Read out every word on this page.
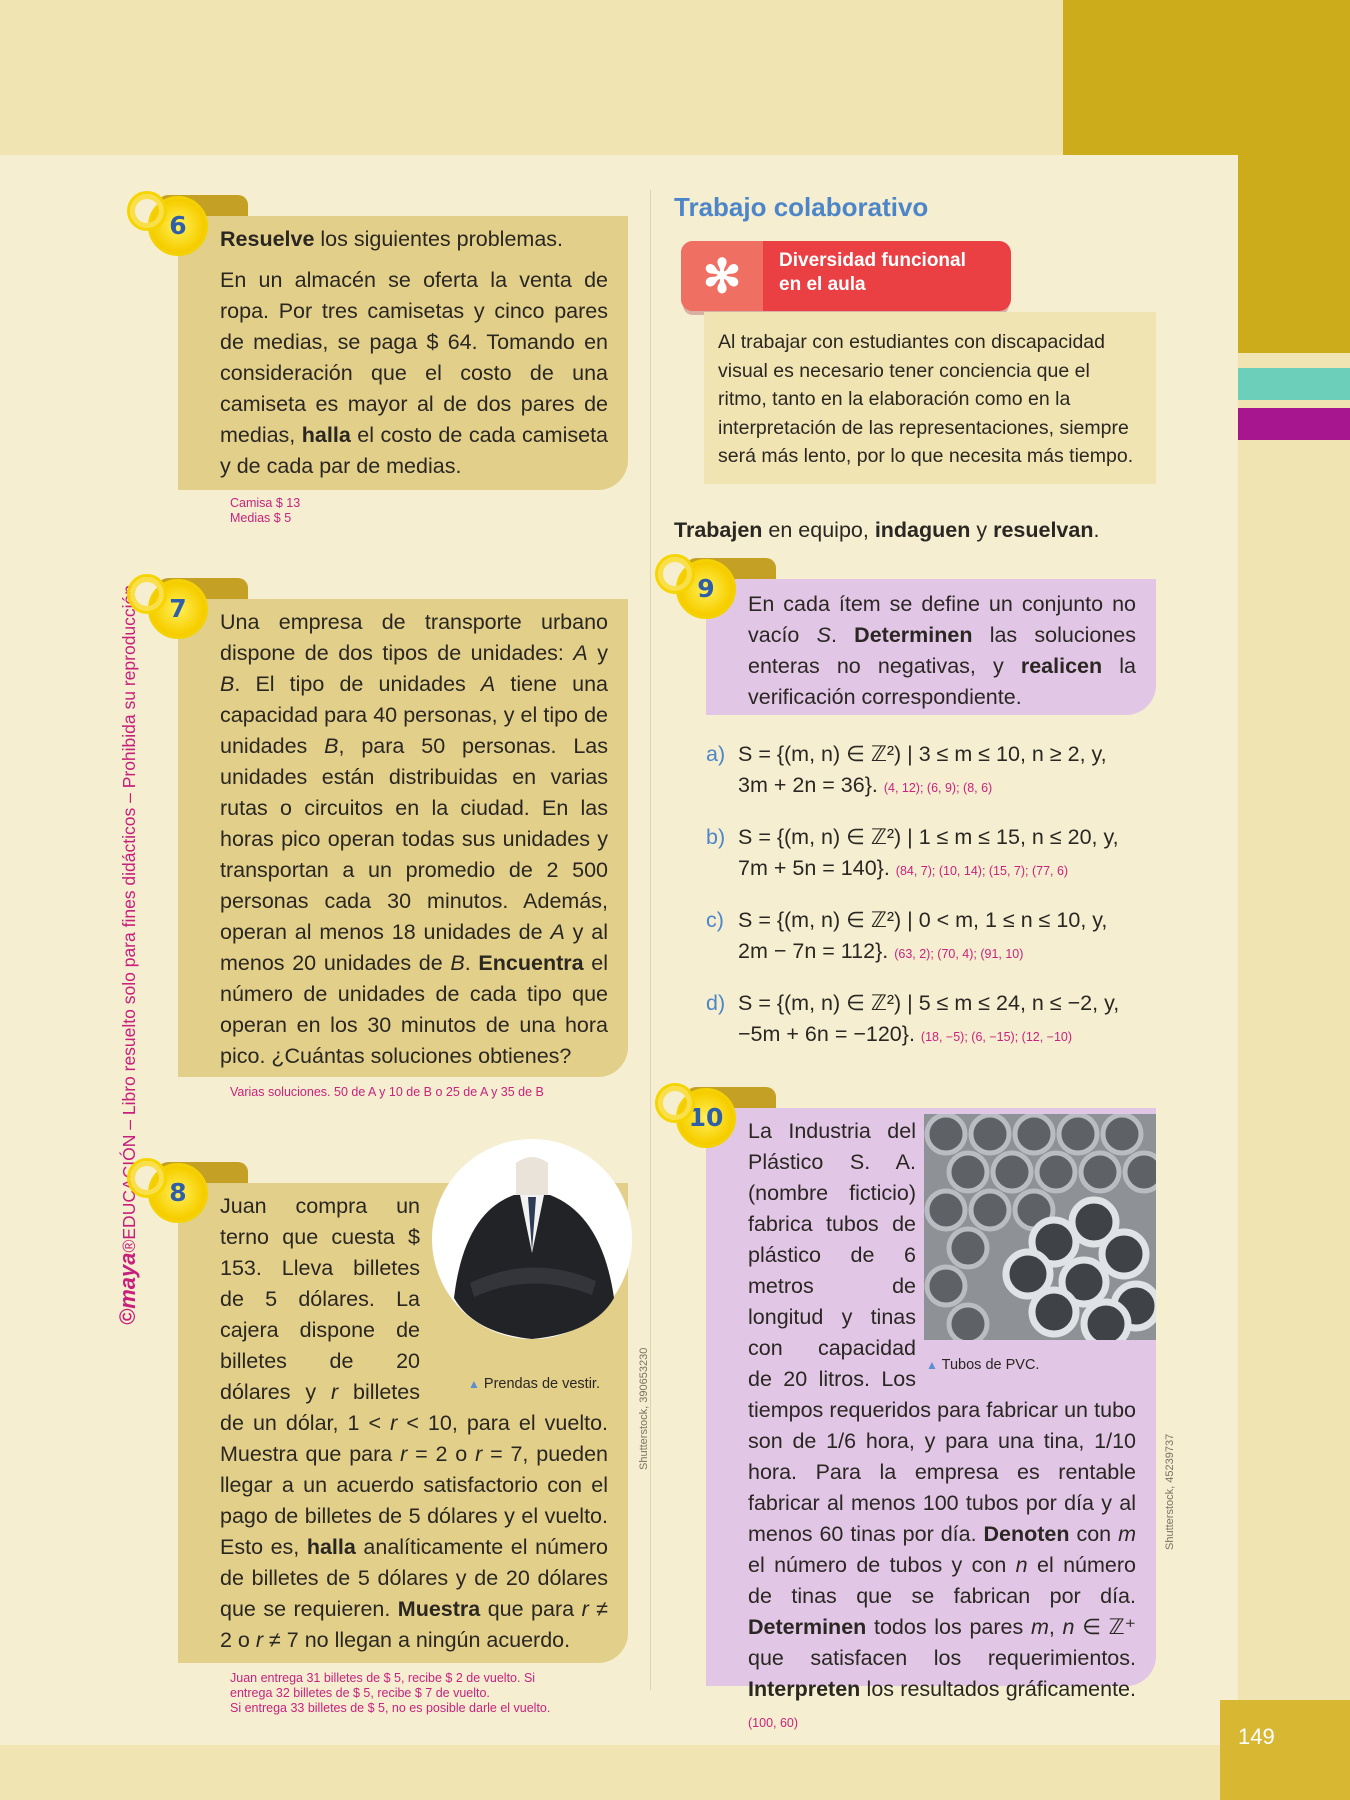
149
©maya®EDUCACIÓN – Libro resuelto solo para fines didácticos – Prohibida su reproducción

Resuelve los siguientes problemas.

En un almacén se oferta la venta de ropa. Por tres camisetas y cinco pares de medias, se paga $ 64. Tomando en consideración que el costo de una camiseta es mayor al de dos pares de medias, halla el costo de cada camiseta y de cada par de medias.

6
Camisa $ 13
Medias $ 5

Una empresa de transporte urbano dispone de dos tipos de unidades: A y B. El tipo de unidades A tiene una capacidad para 40 personas, y el tipo de unidades B, para 50 personas. Las unidades están distribuidas en varias rutas o circuitos en la ciudad. En las horas pico operan todas sus unidades y transportan a un promedio de 2 500 personas cada 30 minutos. Además, operan al menos 18 unidades de A y al menos 20 unidades de B. Encuentra el número de unidades de cada tipo que operan en los 30 minutos de una hora pico. ¿Cuántas soluciones obtienes?

7
Varias soluciones. 50 de A y 10 de B o 25 de A y 35 de B
▲ Prendas de vestir.

Juan compra un terno que cuesta $ 153. Lleva billetes de 5 dólares. La cajera dispone de billetes de 20 dólares y r billetes de un dólar, 1 < r < 10, para el vuelto. Muestra que para r = 2 o r = 7, pueden llegar a un acuerdo satisfactorio con el pago de billetes de 5 dólares y el vuelto. Esto es, halla analíticamente el número de billetes de 5 dólares y de 20 dólares que se requieren. Muestra que para r ≠ 2 o r ≠ 7 no llegan a ningún acuerdo.

8
Shutterstock, 390653230
Juan entrega 31 billetes de $ 5, recibe $ 2 de vuelto. Si
entrega 32 billetes de $ 5, recibe $ 7 de vuelto.
Si entrega 33 billetes de $ 5, no es posible darle el vuelto.
Trabajo colaborativo
✻	Diversidad funcional
en el aula
Al trabajar con estudiantes con discapacidad visual es necesario tener conciencia que el ritmo, tanto en la elaboración como en la interpretación de las representaciones, siempre será más lento, por lo que necesita más tiempo.

Trabajen en equipo, indaguen y resuelvan.

En cada ítem se define un conjunto no vacío S. Determinen las soluciones enteras no negativas, y realicen la verificación correspondiente.

9
a) S = {(m, n) ∈ ℤ²) | 3 ≤ m ≤ 10, n ≥ 2, y,
3m + 2n = 36}. (4, 12); (6, 9); (8, 6)
b) S = {(m, n) ∈ ℤ²) | 1 ≤ m ≤ 15, n ≤ 20, y,
7m + 5n = 140}. (84, 7); (10, 14); (15, 7); (77, 6)
c) S = {(m, n) ∈ ℤ²) | 0 < m, 1 ≤ n ≤ 10, y,
2m − 7n = 112}. (63, 2); (70, 4); (91, 10)
d) S = {(m, n) ∈ ℤ²) | 5 ≤ m ≤ 24, n ≤ −2, y,
−5m + 6n = −120}. (18, −5); (6, −15); (12, −10)
▲ Tubos de PVC.

La Industria del Plástico S. A. (nombre ficticio) fabrica tubos de plástico de 6 metros de longitud y tinas con capacidad de 20 litros. Los tiempos requeridos para fabricar un tubo son de 1/6 hora, y para una tina, 1/10 hora. Para la empresa es rentable fabricar al menos 100 tubos por día y al menos 60 tinas por día. Denoten con m el número de tubos y con n el número de tinas que se fabrican por día. Determinen todos los pares m, n ∈ ℤ⁺ que satisfacen los requerimientos. Interpreten los resultados gráficamente. (100, 60)

10
Shutterstock, 45239737
